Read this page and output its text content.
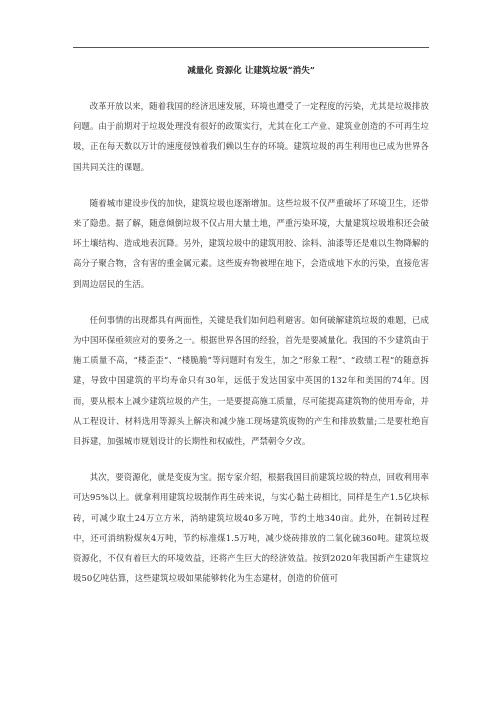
减量化 资源化 让建筑垃圾“消失”

改革开放以来，随着我国的经济迅速发展，环境也遭受了一定程度的污染，尤其是垃圾排放问题。由于前期对于垃圾处理没有很好的政策实行，尤其在化工产业、建筑业创造的不可再生垃圾，正在每天数以万计的速度侵蚀着我们赖以生存的环境。建筑垃圾的再生利用也已成为世界各国共同关注的课题。

随着城市建设步伐的加快，建筑垃圾也逐渐增加。这些垃圾不仅严重破坏了环境卫生，还带来了隐患。据了解，随意倾倒垃圾不仅占用大量土地，严重污染环境，大量建筑垃圾堆积还会破坏土壤结构、造成地表沉降。另外，建筑垃圾中的建筑用胶、涂料、油漆等还是难以生物降解的高分子聚合物，含有害的重金属元素。这些废弃物被埋在地下，会造成地下水的污染，直接危害到周边居民的生活。

任何事情的出现都具有两面性，关键是我们如何趋利避害。如何破解建筑垃圾的难题，已成为中国环保亟须应对的要务之一。根据世界各国的经验，首先是要减量化。我国的不少建筑由于施工质量不高，“楼歪歪”、“楼脆脆”等问题时有发生，加之“形象工程”、“政绩工程”的随意拆建，导致中国建筑的平均寿命只有30年，远低于发达国家中英国的132年和美国的74年。因而，要从根本上减少建筑垃圾的产生，一是要提高施工质量，尽可能提高建筑物的使用寿命，并从工程设计、材料选用等源头上解决和减少施工现场建筑废物的产生和排放数量;二是要杜绝盲目拆建，加强城市规划设计的长期性和权威性，严禁朝令夕改。

其次，要资源化，就是变废为宝。据专家介绍，根据我国目前建筑垃圾的特点，回收利用率可达95%以上。就拿利用建筑垃圾制作再生砖来说，与实心黏土砖相比，同样是生产1.5亿块标砖，可减少取土24万立方米，消纳建筑垃圾40多万吨，节约土地340亩。此外，在制砖过程中，还可消纳粉煤灰4万吨，节约标准煤1.5万吨，减少烧砖排放的二氧化硫360吨。建筑垃圾资源化，不仅有着巨大的环境效益，还将产生巨大的经济效益。按到2020年我国新产生建筑垃圾50亿吨估算，这些建筑垃圾如果能够转化为生态建材，创造的价值可
